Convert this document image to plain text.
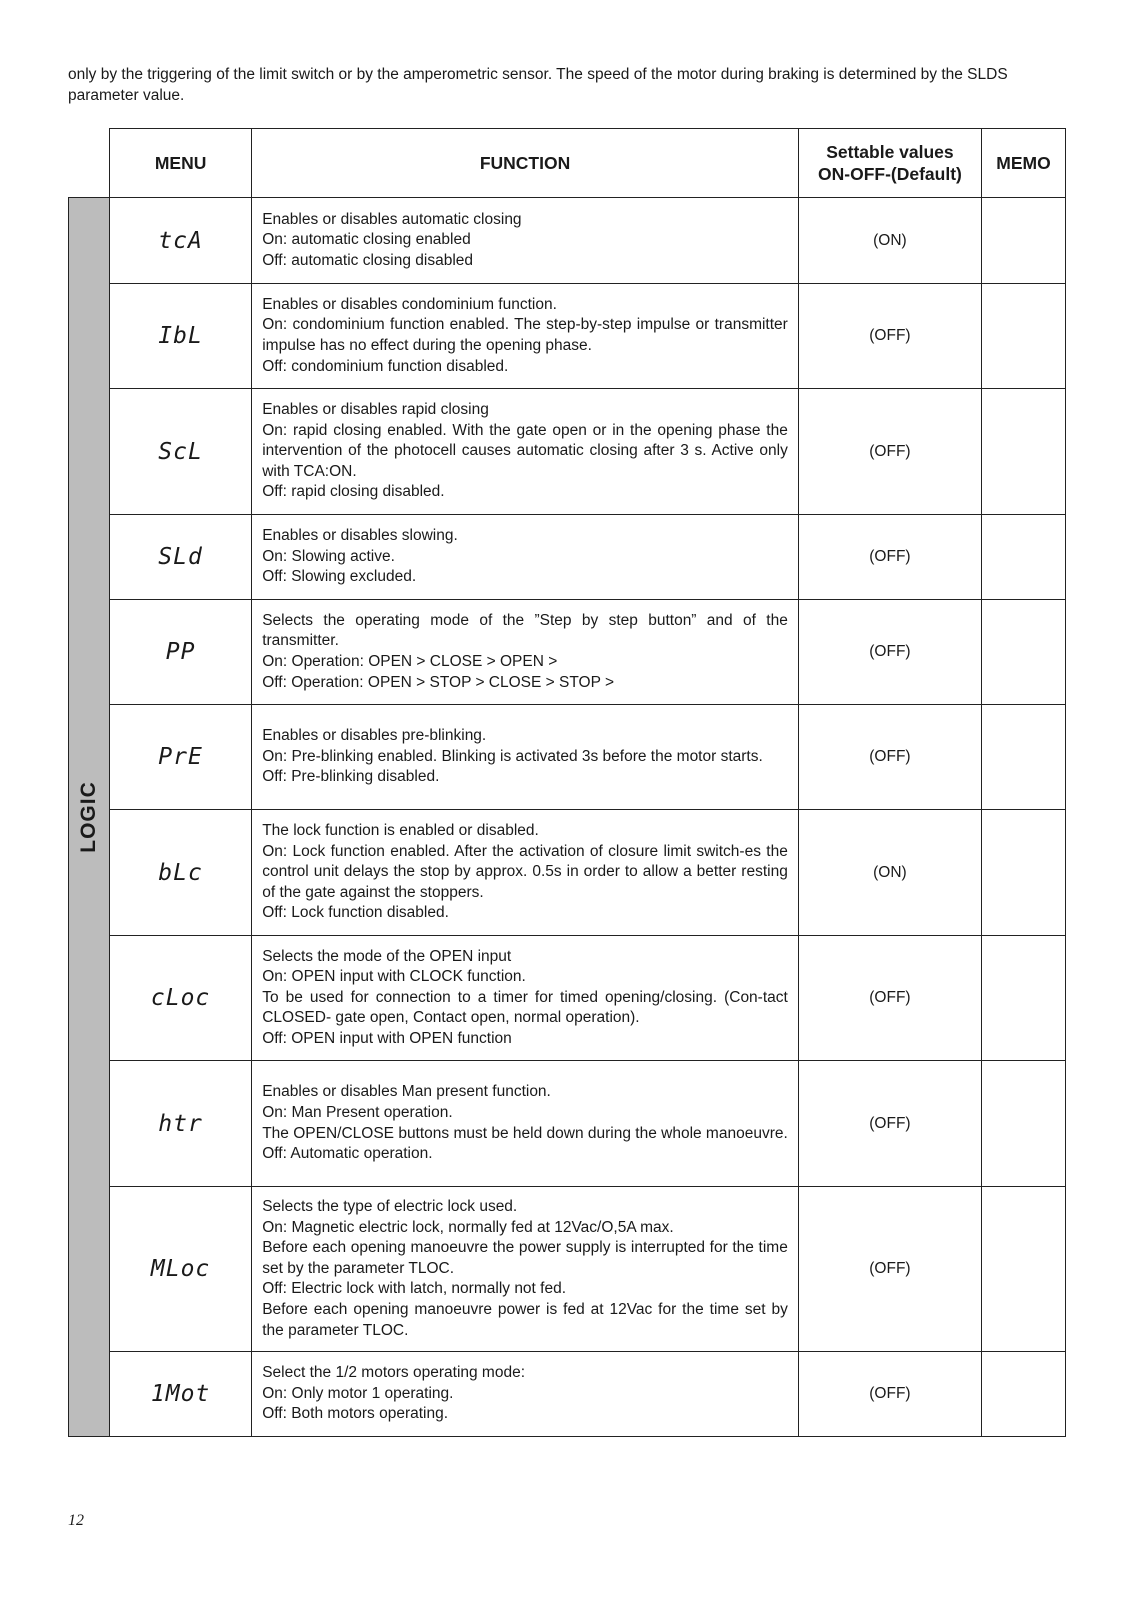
only by the triggering of the limit switch or by the amperometric sensor. The speed of the motor during braking is determined by the SLDS parameter value.
	MENU	FUNCTION	Settable values
ON-OFF-(Default)	MEMO

LOGIC	tcA	Enables or disables automatic closing
On: automatic closing enabled
Off: automatic closing disabled	(ON)	
	IbL	Enables or disables condominium function.
On: condominium function enabled. The step-by-step impulse or transmitter impulse has no effect during the opening phase.
Off: condominium function disabled.	(OFF)	
	ScL	Enables or disables rapid closing
On: rapid closing enabled. With the gate open or in the opening phase the intervention of the photocell causes automatic closing after 3 s. Active only with TCA:ON.
Off: rapid closing disabled.	(OFF)	
	SLd	Enables or disables slowing.
On: Slowing active.
Off: Slowing excluded.	(OFF)	
	PP	Selects the operating mode of the ”Step by step button” and of the transmitter.
On: Operation: OPEN > CLOSE > OPEN >
Off: Operation: OPEN > STOP > CLOSE > STOP >	(OFF)	
	PrE	Enables or disables pre-blinking.
On: Pre-blinking enabled. Blinking is activated 3s before the motor starts.
Off: Pre-blinking disabled.	(OFF)	
	bLc	The lock function is enabled or disabled.
On: Lock function enabled. After the activation of closure limit switch-es the control unit delays the stop by approx. 0.5s in order to allow a better resting of the gate against the stoppers.
Off: Lock function disabled.	(ON)	
	cLoc	Selects the mode of the OPEN input
On: OPEN input with CLOCK function.
To be used for connection to a timer for timed opening/closing. (Con-tact CLOSED- gate open, Contact open, normal operation).
Off: OPEN input with OPEN function	(OFF)	
	htr	Enables or disables Man present function.
On: Man Present operation.
The OPEN/CLOSE buttons must be held down during the whole manoeuvre.
Off: Automatic operation.	(OFF)	
	MLoc	Selects the type of electric lock used.
On: Magnetic electric lock, normally fed at 12Vac/O,5A max.
Before each opening manoeuvre the power supply is interrupted for the time set by the parameter TLOC.
Off: Electric lock with latch, normally not fed.
Before each opening manoeuvre power is fed at 12Vac for the time set by the parameter TLOC.	(OFF)	
	1Mot	Select the 1/2 motors operating mode:
On: Only motor 1 operating.
Off: Both motors operating.	(OFF)	
12
